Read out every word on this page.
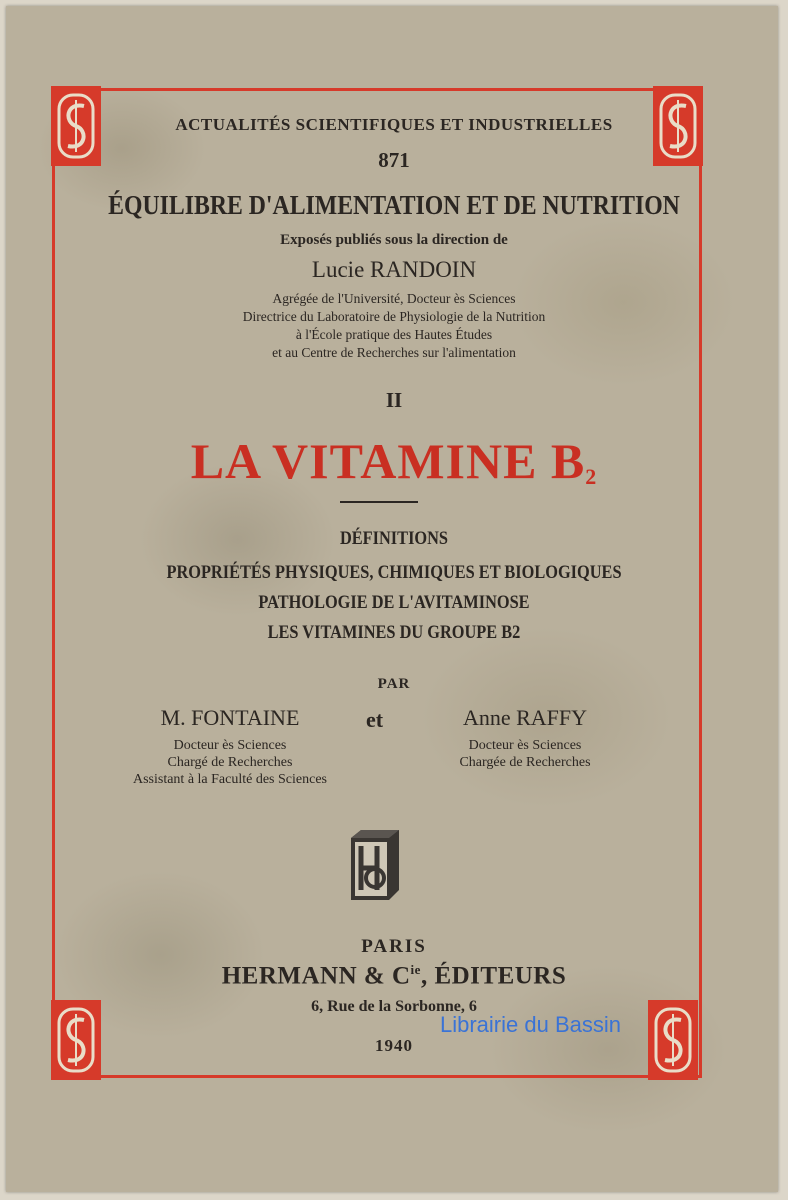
ACTUALITÉS SCIENTIFIQUES ET INDUSTRIELLES
871
ÉQUILIBRE D'ALIMENTATION ET DE NUTRITION
Exposés publiés sous la direction de
Lucie RANDOIN
Agrégée de l'Université, Docteur ès Sciences
Directrice du Laboratoire de Physiologie de la Nutrition
à l'École pratique des Hautes Études
et au Centre de Recherches sur l'alimentation
II
LA VITAMINE $B_2$
DÉFINITIONS
PROPRIÉTÉS PHYSIQUES, CHIMIQUES ET BIOLOGIQUES
PATHOLOGIE DE L'AVITAMINOSE
LES VITAMINES DU GROUPE B2
PAR
M. FONTAINE
Docteur ès Sciences
Chargé de Recherches
Assistant à la Faculté des Sciences
et	Anne RAFFY
Docteur ès Sciences
Chargée de Recherches
PARIS
HERMANN & $C^{ie}$, ÉDITEURS
6, Rue de la Sorbonne, 6
1940
Librairie du Bassin
